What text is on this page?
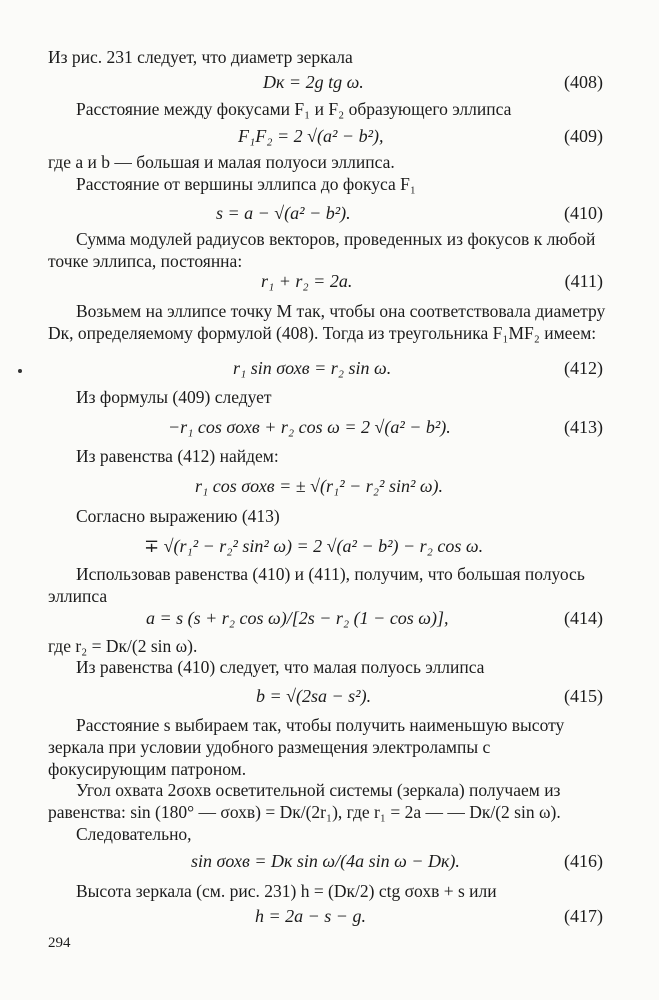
Из рис. 231 следует, что диаметр зеркала

Dк = 2g tg ω.	(408)

Расстояние между фокусами F₁ и F₂ образующего эллипса

F₁F₂ = 2 √(a² − b²),	(409)

где a и b — большая и малая полуоси эллипса.

Расстояние от вершины эллипса до фокуса F₁

s = a − √(a² − b²).	(410)

Сумма модулей радиусов векторов, проведенных из фокусов к любой точке эллипса, постоянна:

r₁ + r₂ = 2a.	(411)

Возьмем на эллипсе точку M так, чтобы она соответствовала диаметру Dк, определяемому формулой (408). Тогда из треугольника F₁MF₂ имеем:

r₁ sin σохв = r₂ sin ω.	(412)

Из формулы (409) следует

−r₁ cos σохв + r₂ cos ω = 2 √(a² − b²).	(413)

Из равенства (412) найдем:

r₁ cos σохв = ± √(r₁² − r₂² sin² ω).

Согласно выражению (413)

∓ √(r₁² − r₂² sin² ω) = 2 √(a² − b²) − r₂ cos ω.

Использовав равенства (410) и (411), получим, что большая полуось эллипса

a = s (s + r₂ cos ω)/[2s − r₂ (1 − cos ω)],	(414)

где r₂ = Dк/(2 sin ω).

Из равенства (410) следует, что малая полуось эллипса

b = √(2sa − s²).	(415)

Расстояние s выбираем так, чтобы получить наименьшую высоту зеркала при условии удобного размещения электролампы с фокусирующим патроном.

Угол охвата 2σохв осветительной системы (зеркала) получаем из равенства: sin (180° — σохв) = Dк/(2r₁), где r₁ = 2a — — Dк/(2 sin ω).

Следовательно,

sin σохв = Dк sin ω/(4a sin ω − Dк).	(416)

Высота зеркала (см. рис. 231) h = (Dк/2) ctg σохв + s или

h = 2a − s − g.	(417)
294
